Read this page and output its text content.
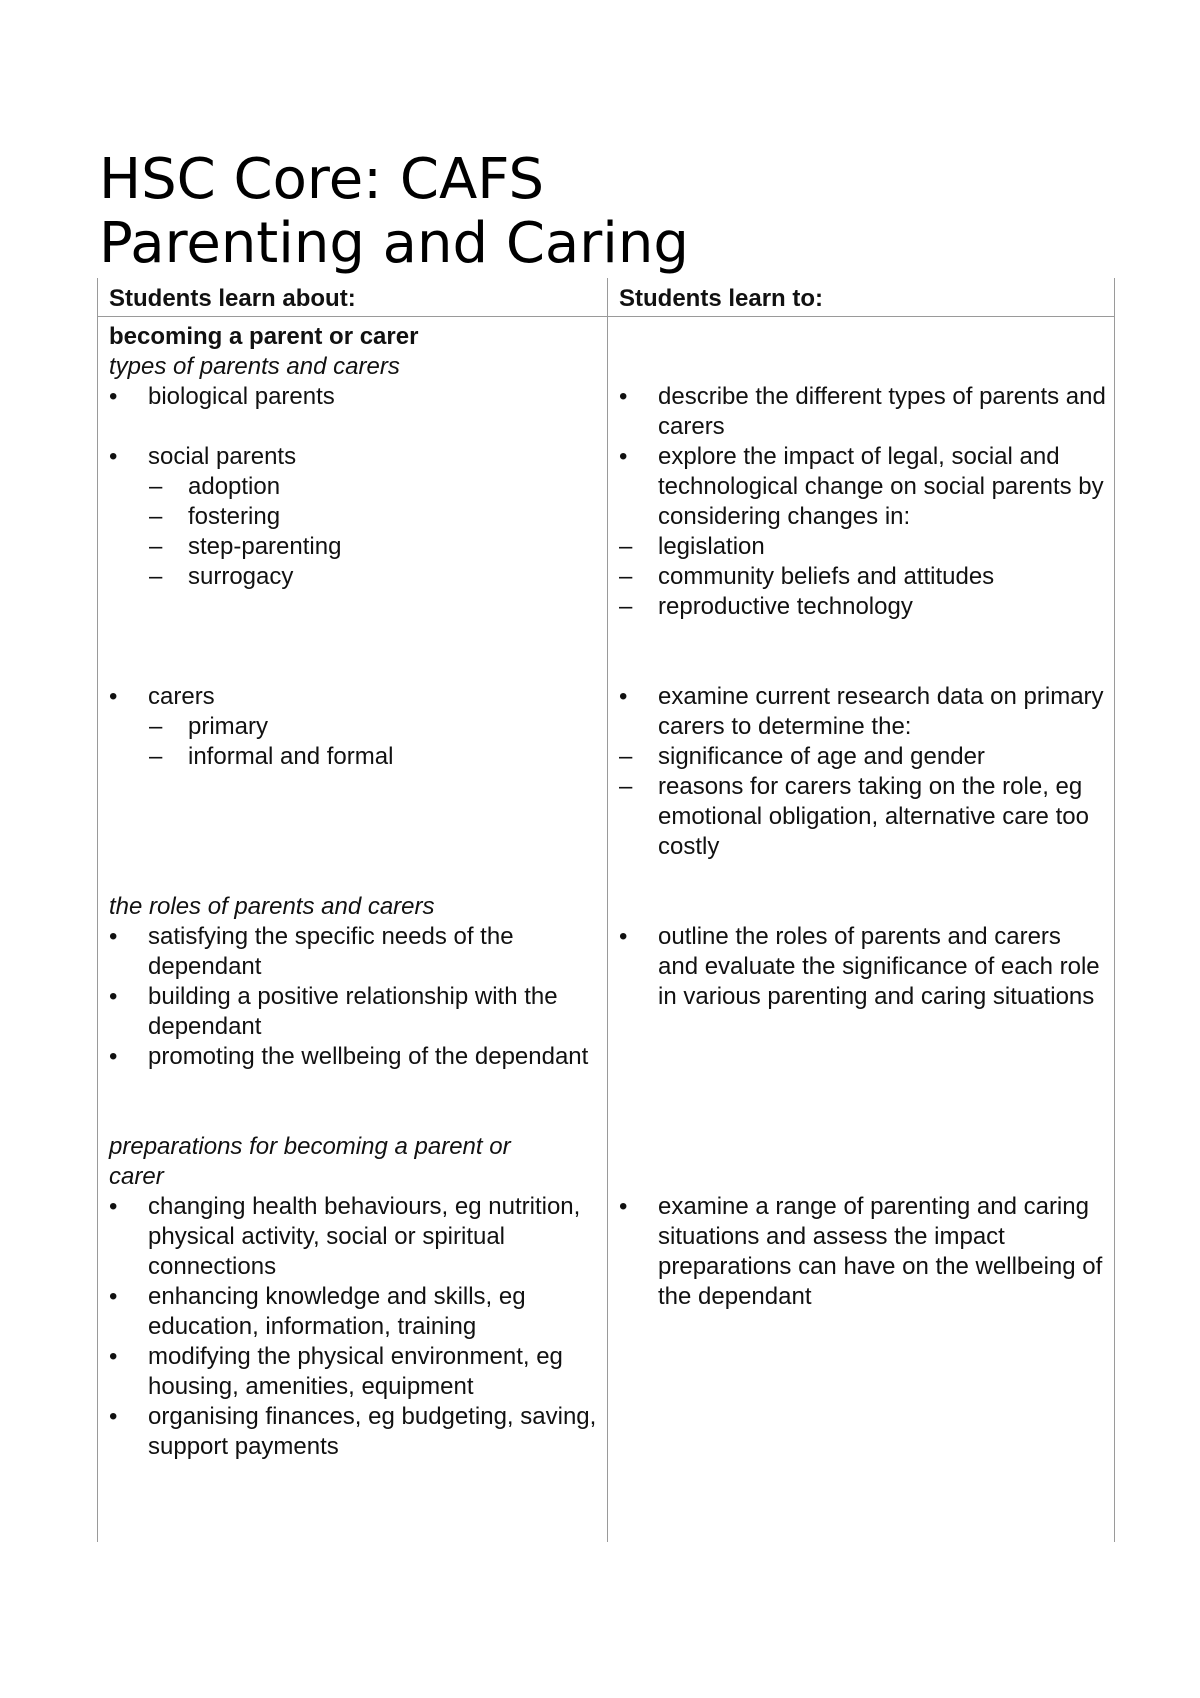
HSC Core: CAFS
Parenting and Caring
Students learn about:	Students learn to:
becoming a parent or carer
types of parents and carers
• biological parents
• social parents
– adoption
– fostering
– step-parenting
– surrogacy
• carers
– primary
– informal and formal
the roles of parents and carers
• satisfying the specific needs of the dependant
• building a positive relationship with the dependant
• promoting the wellbeing of the dependant
preparations for becoming a parent or carer
• changing health behaviours, eg nutrition, physical activity, social or spiritual connections
• enhancing knowledge and skills, eg education, information, training
• modifying the physical environment, eg housing, amenities, equipment
• organising finances, eg budgeting, saving, support payments
• describe the different types of parents and carers
• explore the impact of legal, social and technological change on social parents by considering changes in:
– legislation
– community beliefs and attitudes
– reproductive technology
• examine current research data on primary carers to determine the:
– significance of age and gender
– reasons for carers taking on the role, eg emotional obligation, alternative care too costly
• outline the roles of parents and carers and evaluate the significance of each role in various parenting and caring situations
• examine a range of parenting and caring situations and assess the impact preparations can have on the wellbeing of the dependant
